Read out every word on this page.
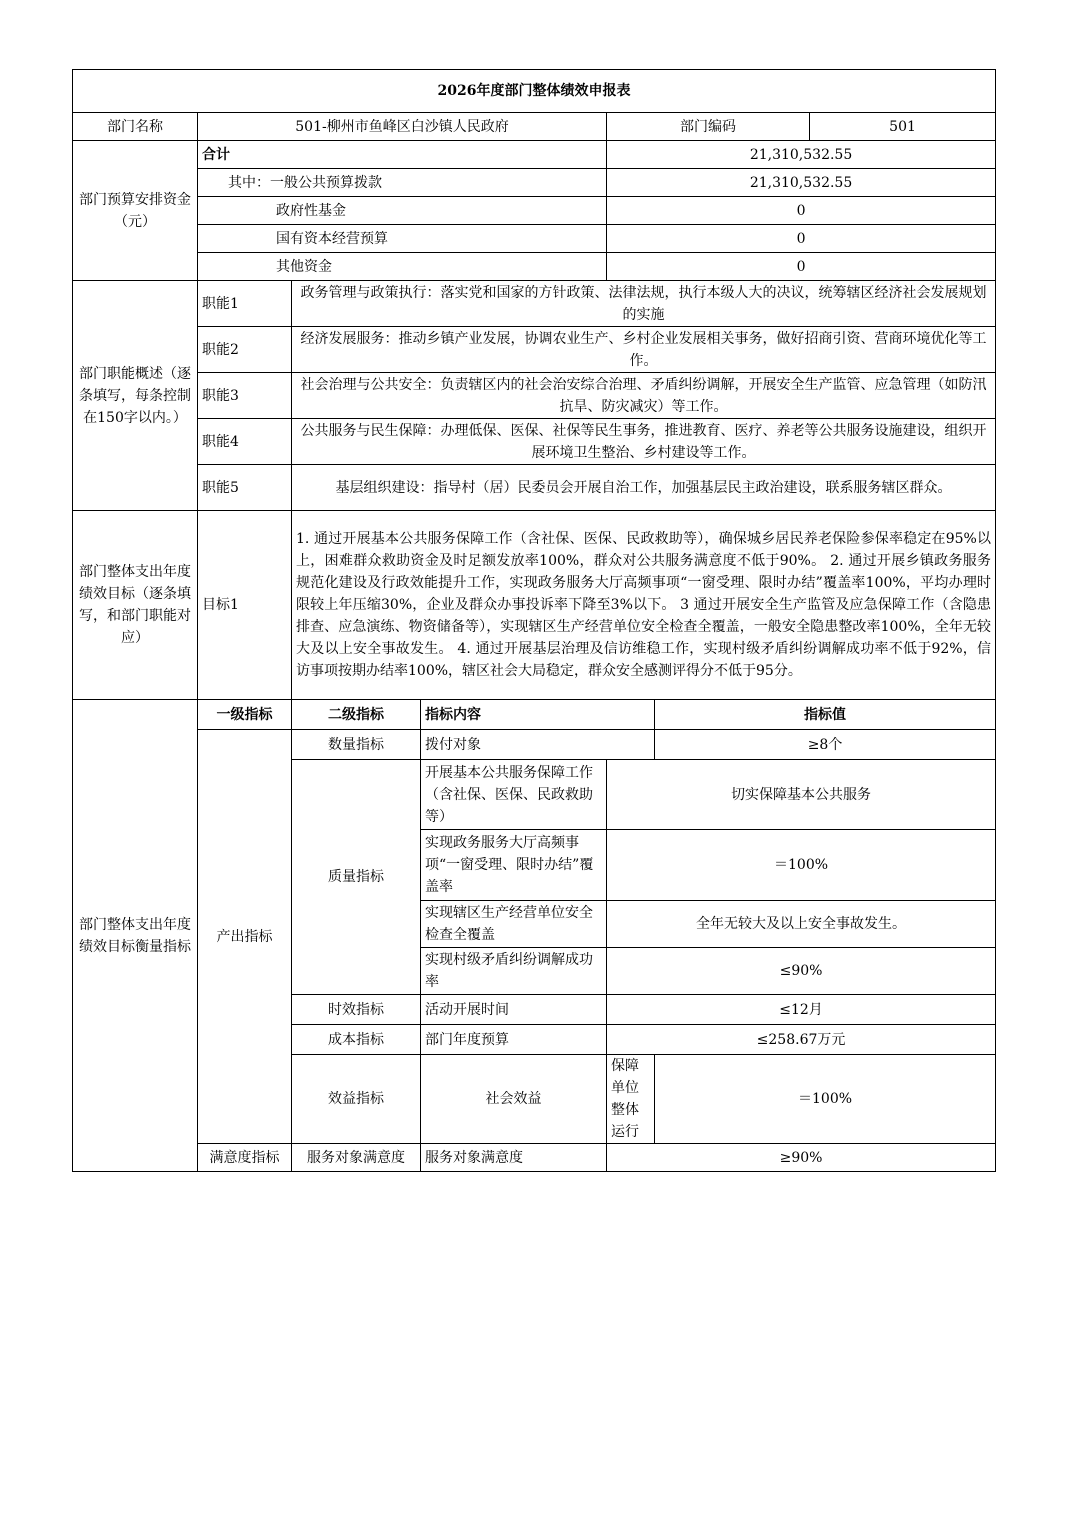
2026年度部门整体绩效申报表						
部门名称	501-柳州市鱼峰区白沙镇人民政府			部门编码		501
部门预算安排资金（元）	合计			21,310,532.55		
	其中：一般公共预算拨款			21,310,532.55		
	政府性基金			0		
	国有资本经营预算			0		
	其他资金			0		
部门职能概述（逐条填写，每条控制在150字以内。）	职能1	政务管理与政策执行：落实党和国家的方针政策、法律法规，执行本级人大的决议，统筹辖区经济社会发展规划的实施				
	职能2	经济发展服务：推动乡镇产业发展，协调农业生产、乡村企业发展相关事务，做好招商引资、营商环境优化等工作。				
	职能3	社会治理与公共安全：负责辖区内的社会治安综合治理、矛盾纠纷调解，开展安全生产监管、应急管理（如防汛抗旱、防灾减灾）等工作。				
	职能4	公共服务与民生保障：办理低保、医保、社保等民生事务，推进教育、医疗、养老等公共服务设施建设，组织开展环境卫生整治、乡村建设等工作。				
	职能5	基层组织建设：指导村（居）民委员会开展自治工作，加强基层民主政治建设，联系服务辖区群众。				
部门整体支出年度绩效目标（逐条填写，和部门职能对应）	目标1	1. 通过开展基本公共服务保障工作（含社保、医保、民政救助等），确保城乡居民养老保险参保率稳定在95%以上，困难群众救助资金及时足额发放率100%，群众对公共服务满意度不低于90%。 2. 通过开展乡镇政务服务规范化建设及行政效能提升工作，实现政务服务大厅高频事项“一窗受理、限时办结”覆盖率100%，平均办理时限较上年压缩30%，企业及群众办事投诉率下降至3%以下。 3 通过开展安全生产监管及应急保障工作（含隐患排查、应急演练、物资储备等），实现辖区生产经营单位安全检查全覆盖，一般安全隐患整改率100%，全年无较大及以上安全事故发生。 4. 通过开展基层治理及信访维稳工作，实现村级矛盾纠纷调解成功率不低于92%，信访事项按期办结率100%，辖区社会大局稳定，群众安全感测评得分不低于95分。				
部门整体支出年度绩效目标衡量指标	一级指标	二级指标	指标内容		指标值	
	产出指标	数量指标	拨付对象		≥8个	
		质量指标	开展基本公共服务保障工作（含社保、医保、民政救助等）	切实保障基本公共服务		
			实现政务服务大厅高频事项“一窗受理、限时办结”覆盖率	＝100%		
			实现辖区生产经营单位安全检查全覆盖	全年无较大及以上安全事故发生。		
			实现村级矛盾纠纷调解成功率	≤90%		
		时效指标	活动开展时间	≤12月		
		成本指标	部门年度预算	≤258.67万元		
		效益指标	社会效益	保障单位整体运行	＝100%	
	满意度指标	服务对象满意度	服务对象满意度	≥90%		
